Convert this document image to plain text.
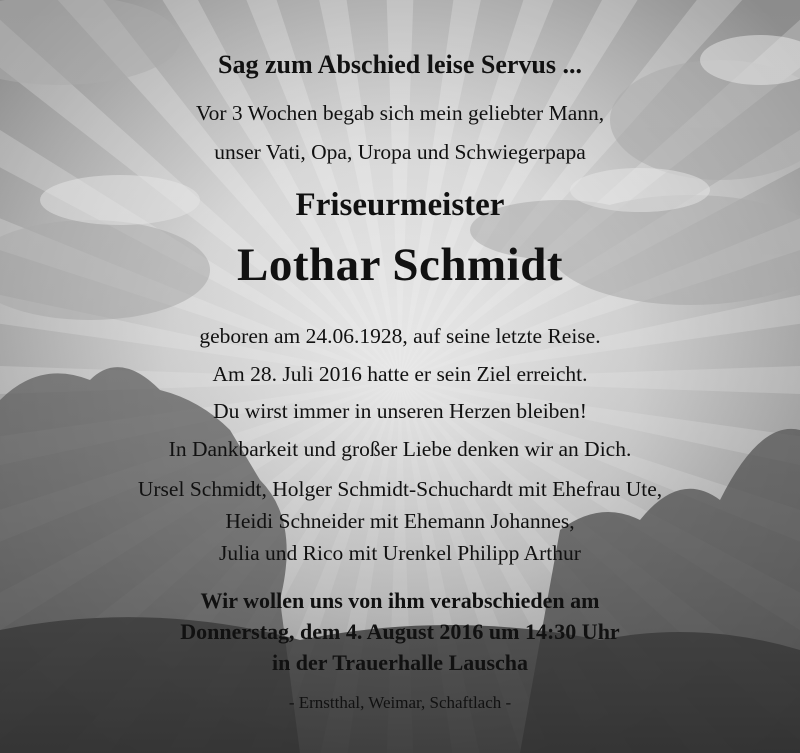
Sag zum Abschied leise Servus ...
Vor 3 Wochen begab sich mein geliebter Mann,
unser Vati, Opa, Uropa und Schwiegerpapa
Friseurmeister
Lothar Schmidt
geboren am 24.06.1928, auf seine letzte Reise.
Am 28. Juli 2016 hatte er sein Ziel erreicht.
Du wirst immer in unseren Herzen bleiben!
In Dankbarkeit und großer Liebe denken wir an Dich.
Ursel Schmidt, Holger Schmidt-Schuchardt mit Ehefrau Ute,
Heidi Schneider mit Ehemann Johannes,
Julia und Rico mit Urenkel Philipp Arthur
Wir wollen uns von ihm verabschieden am
Donnerstag, dem 4. August 2016 um 14:30 Uhr
in der Trauerhalle Lauscha
- Ernstthal, Weimar, Schaftlach -
